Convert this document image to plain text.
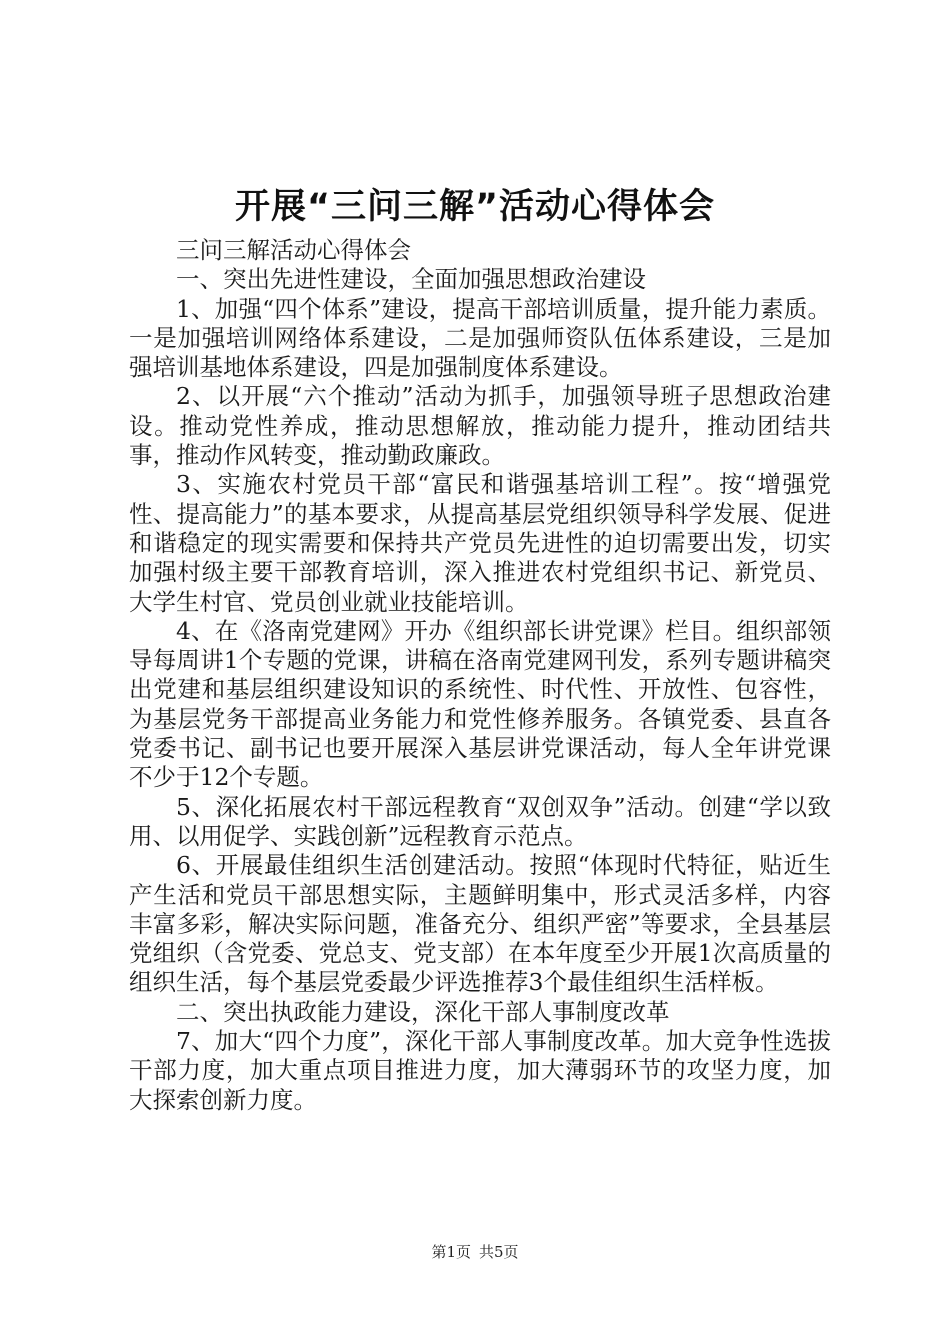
开展“三问三解”活动心得体会

三问三解活动心得体会

一、突出先进性建设，全面加强思想政治建设

1、加强“四个体系”建设，提高干部培训质量，提升能力素质。一是加强培训网络体系建设，二是加强师资队伍体系建设，三是加强培训基地体系建设，四是加强制度体系建设。

2、以开展“六个推动”活动为抓手，加强领导班子思想政治建设。推动党性养成，推动思想解放，推动能力提升，推动团结共事，推动作风转变，推动勤政廉政。

3、实施农村党员干部“富民和谐强基培训工程”。按“增强党性、提高能力”的基本要求，从提高基层党组织领导科学发展、促进和谐稳定的现实需要和保持共产党员先进性的迫切需要出发，切实加强村级主要干部教育培训，深入推进农村党组织书记、新党员、大学生村官、党员创业就业技能培训。

4、在《洛南党建网》开办《组织部长讲党课》栏目。组织部领导每周讲1个专题的党课，讲稿在洛南党建网刊发，系列专题讲稿突出党建和基层组织建设知识的系统性、时代性、开放性、包容性，为基层党务干部提高业务能力和党性修养服务。各镇党委、县直各党委书记、副书记也要开展深入基层讲党课活动，每人全年讲党课不少于12个专题。

5、深化拓展农村干部远程教育“双创双争”活动。创建“学以致用、以用促学、实践创新”远程教育示范点。

6、开展最佳组织生活创建活动。按照“体现时代特征，贴近生产生活和党员干部思想实际，主题鲜明集中，形式灵活多样，内容丰富多彩，解决实际问题，准备充分、组织严密”等要求，全县基层党组织（含党委、党总支、党支部）在本年度至少开展1次高质量的组织生活，每个基层党委最少评选推荐3个最佳组织生活样板。

二、突出执政能力建设，深化干部人事制度改革

7、加大“四个力度”，深化干部人事制度改革。加大竞争性选拔干部力度，加大重点项目推进力度，加大薄弱环节的攻坚力度，加大探索创新力度。

第1页 共5页
